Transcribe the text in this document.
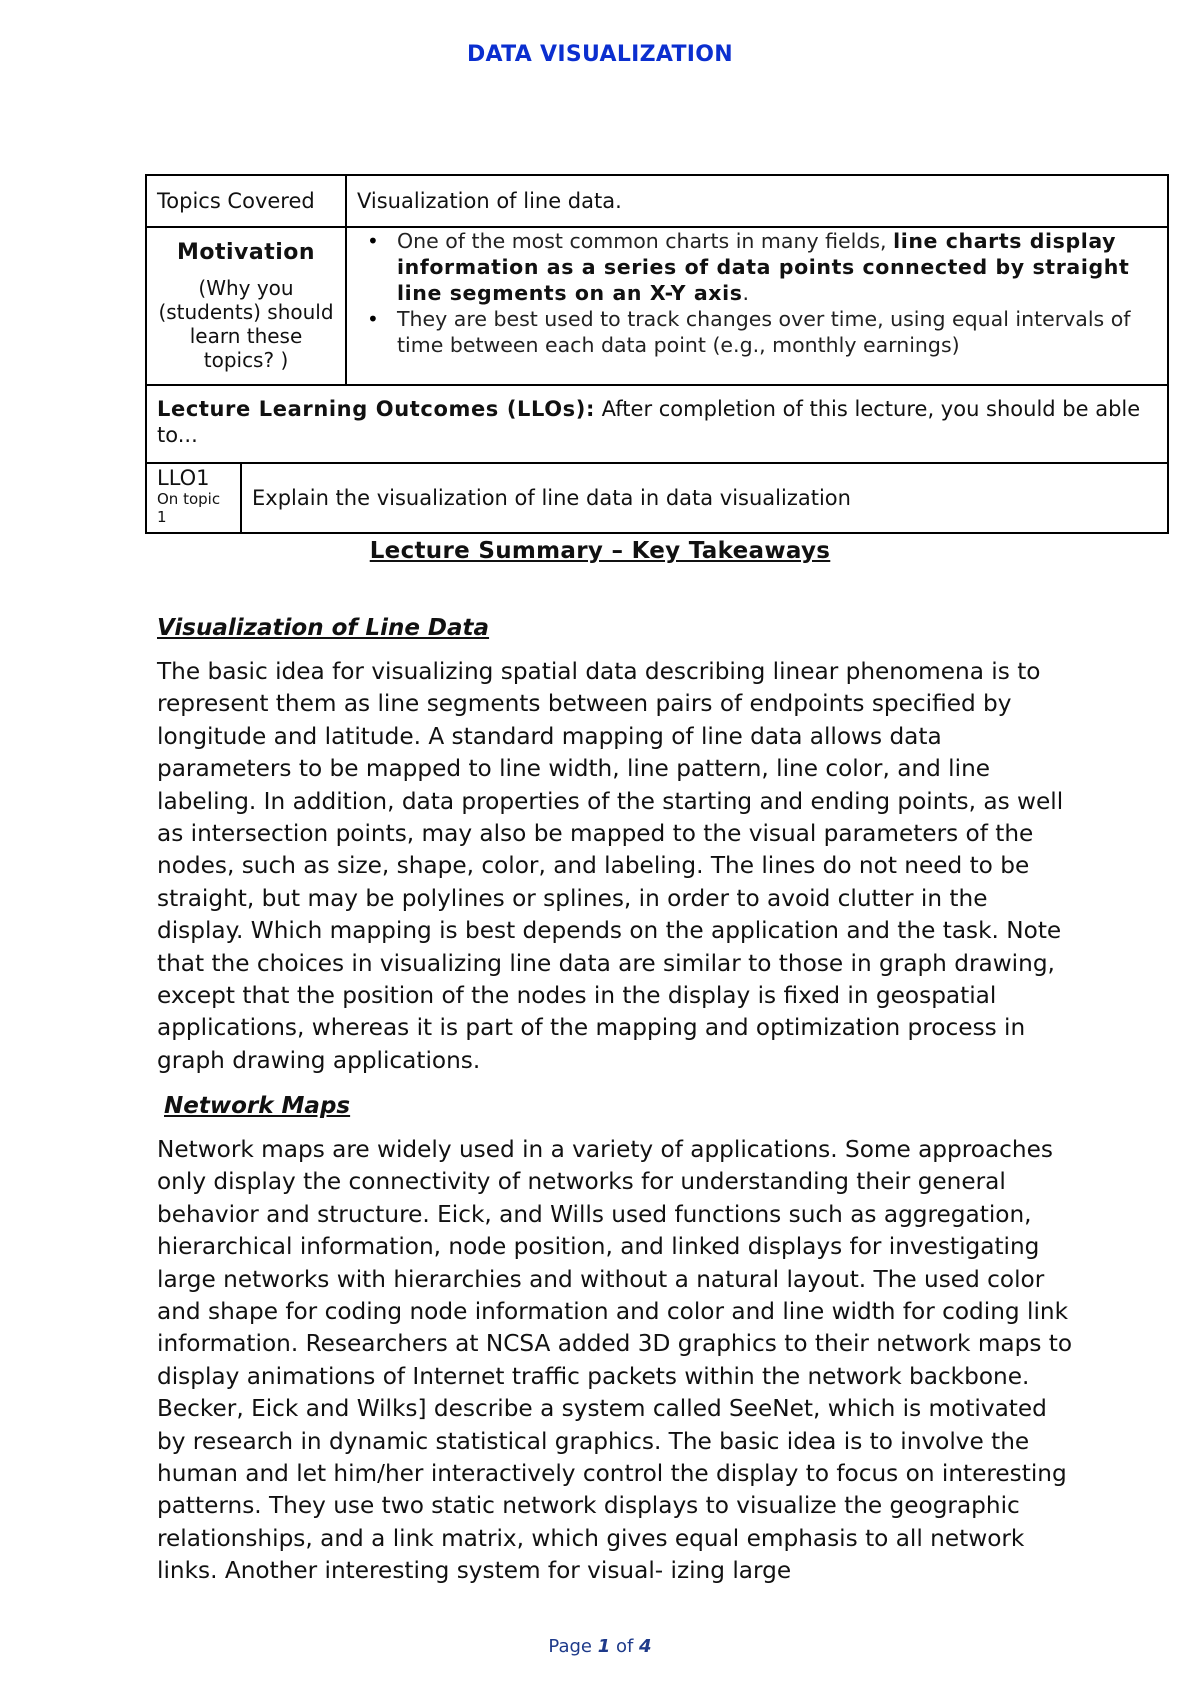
DATA VISUALIZATION
Topics Covered	Visualization of line data.
Motivation
(Why you (students) should learn these topics? )
• One of the most common charts in many fields, line charts display information as a series of data points connected by straight line segments on an X-Y axis.
• They are best used to track changes over time, using equal intervals of time between each data point (e.g., monthly earnings)
Lecture Learning Outcomes (LLOs): After completion of this lecture, you should be able to...
LLO1
On topic 1
Explain the visualization of line data in data visualization
Lecture Summary – Key Takeaways
Visualization of Line Data

The basic idea for visualizing spatial data describing linear phenomena is to represent them as line segments between pairs of endpoints specified by longitude and latitude. A standard mapping of line data allows data parameters to be mapped to line width, line pattern, line color, and line labeling. In addition, data properties of the starting and ending points, as well as intersection points, may also be mapped to the visual parameters of the nodes, such as size, shape, color, and labeling. The lines do not need to be straight, but may be polylines or splines, in order to avoid clutter in the display. Which mapping is best depends on the application and the task. Note that the choices in visualizing line data are similar to those in graph drawing, except that the position of the nodes in the display is fixed in geospatial applications, whereas it is part of the mapping and optimization process in graph drawing applications.

Network Maps

Network maps are widely used in a variety of applications. Some approaches only display the connectivity of networks for understanding their general behavior and structure. Eick, and Wills used functions such as aggregation, hierarchical information, node position, and linked displays for investigating large networks with hierarchies and without a natural layout. The used color and shape for coding node information and color and line width for coding link information. Researchers at NCSA added 3D graphics to their network maps to display animations of Internet traffic packets within the network backbone. Becker, Eick and Wilks] describe a system called SeeNet, which is motivated by research in dynamic statistical graphics. The basic idea is to involve the human and let him/her interactively control the display to focus on interesting patterns. They use two static network displays to visualize the geographic relationships, and a link matrix, which gives equal emphasis to all network links. Another interesting system for visual- izing large

Page 1 of 4
